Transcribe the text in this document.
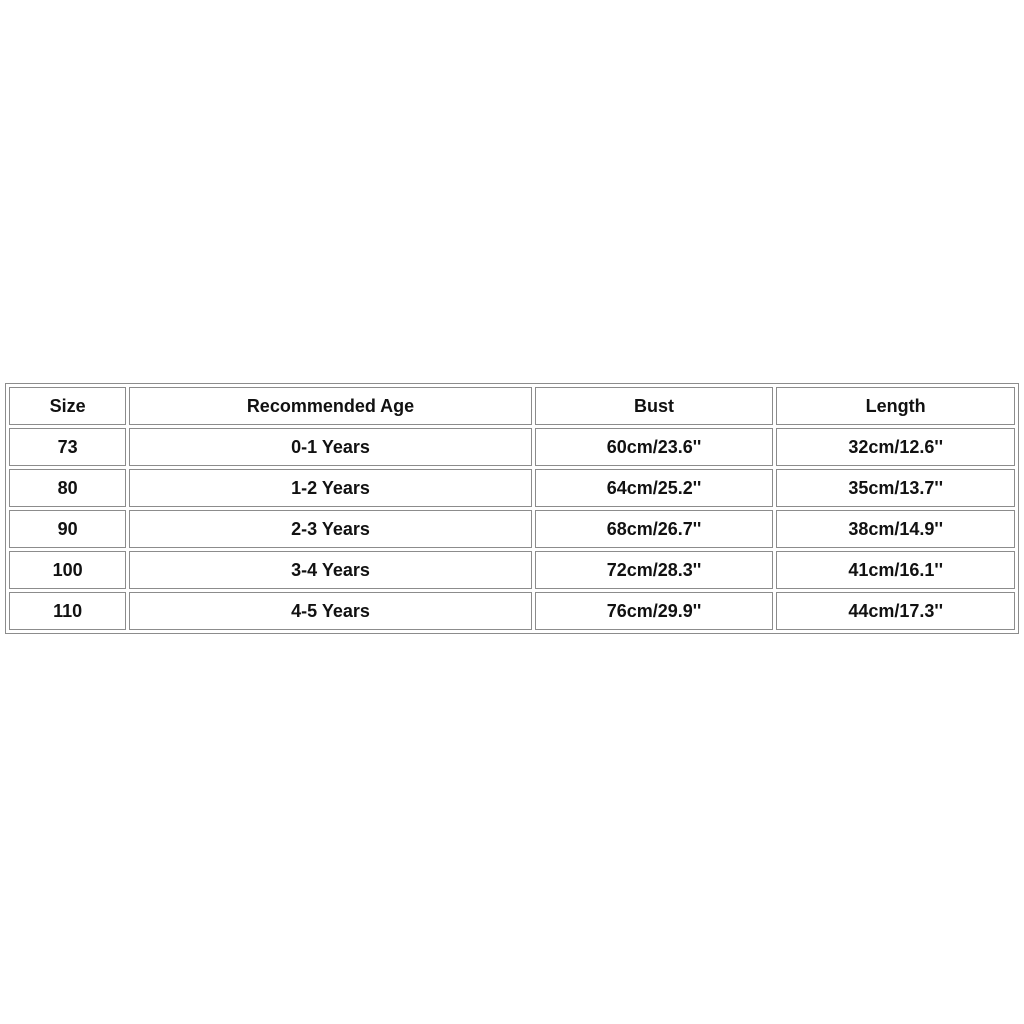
Size	Recommended Age	Bust	Length
73	0-1 Years	60cm/23.6''	32cm/12.6''
80	1-2 Years	64cm/25.2''	35cm/13.7''
90	2-3 Years	68cm/26.7''	38cm/14.9''
100	3-4 Years	72cm/28.3''	41cm/16.1''
110	4-5 Years	76cm/29.9''	44cm/17.3''
